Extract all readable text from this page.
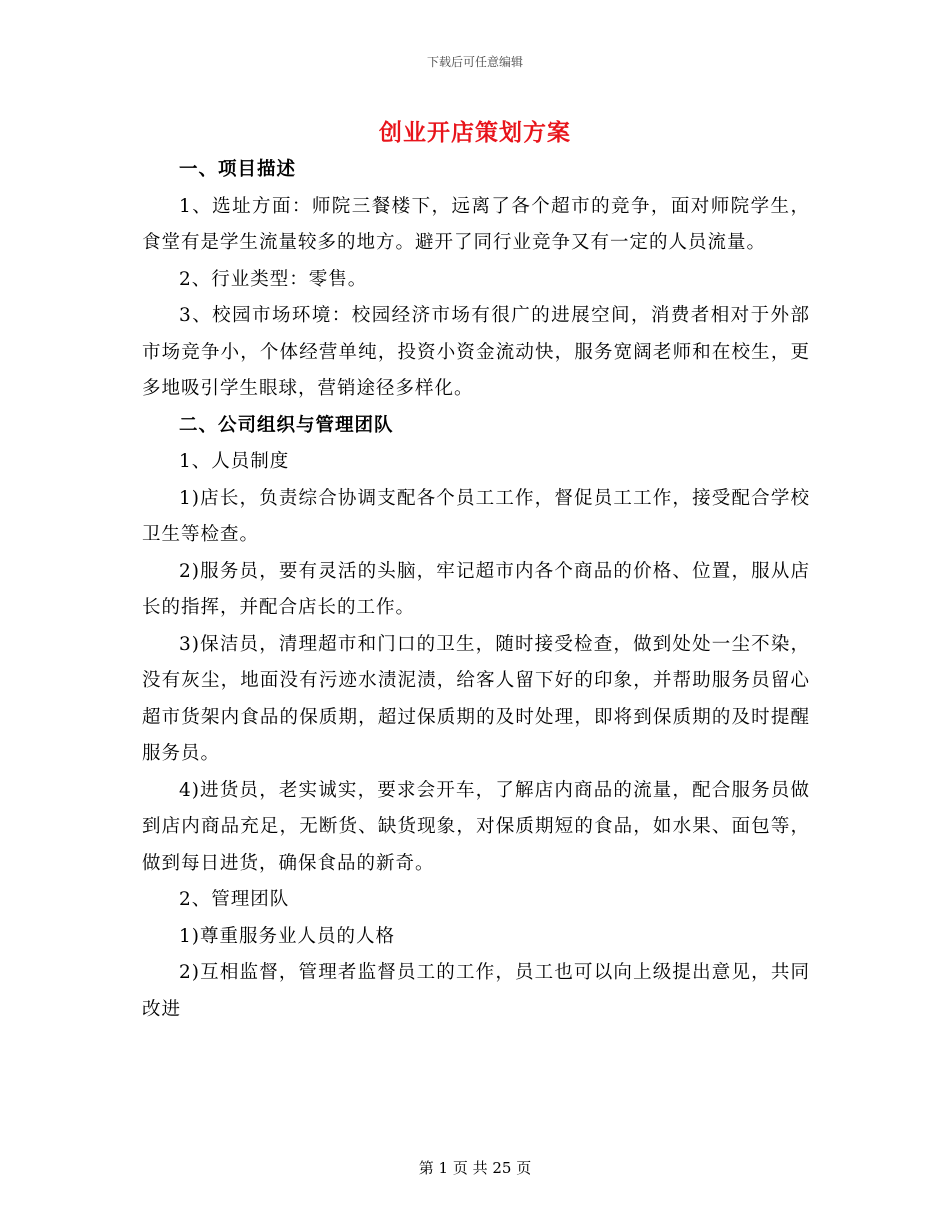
下载后可任意编辑
创业开店策划方案

一、项目描述

1、选址方面：师院三餐楼下，远离了各个超市的竞争，面对师院学生，食堂有是学生流量较多的地方。避开了同行业竞争又有一定的人员流量。

2、行业类型：零售。

3、校园市场环境：校园经济市场有很广的进展空间，消费者相对于外部市场竞争小，个体经营单纯，投资小资金流动快，服务宽阔老师和在校生，更多地吸引学生眼球，营销途径多样化。

二、公司组织与管理团队

1、人员制度

1)店长，负责综合协调支配各个员工工作，督促员工工作，接受配合学校卫生等检查。

2)服务员，要有灵活的头脑，牢记超市内各个商品的价格、位置，服从店长的指挥，并配合店长的工作。

3)保洁员，清理超市和门口的卫生，随时接受检查，做到处处一尘不染，没有灰尘，地面没有污迹水渍泥渍，给客人留下好的印象，并帮助服务员留心超市货架内食品的保质期，超过保质期的及时处理，即将到保质期的及时提醒服务员。

4)进货员，老实诚实，要求会开车，了解店内商品的流量，配合服务员做到店内商品充足，无断货、缺货现象，对保质期短的食品，如水果、面包等，做到每日进货，确保食品的新奇。

2、管理团队

1)尊重服务业人员的人格

2)互相监督，管理者监督员工的工作，员工也可以向上级提出意见，共同改进

第 1 页 共 25 页
